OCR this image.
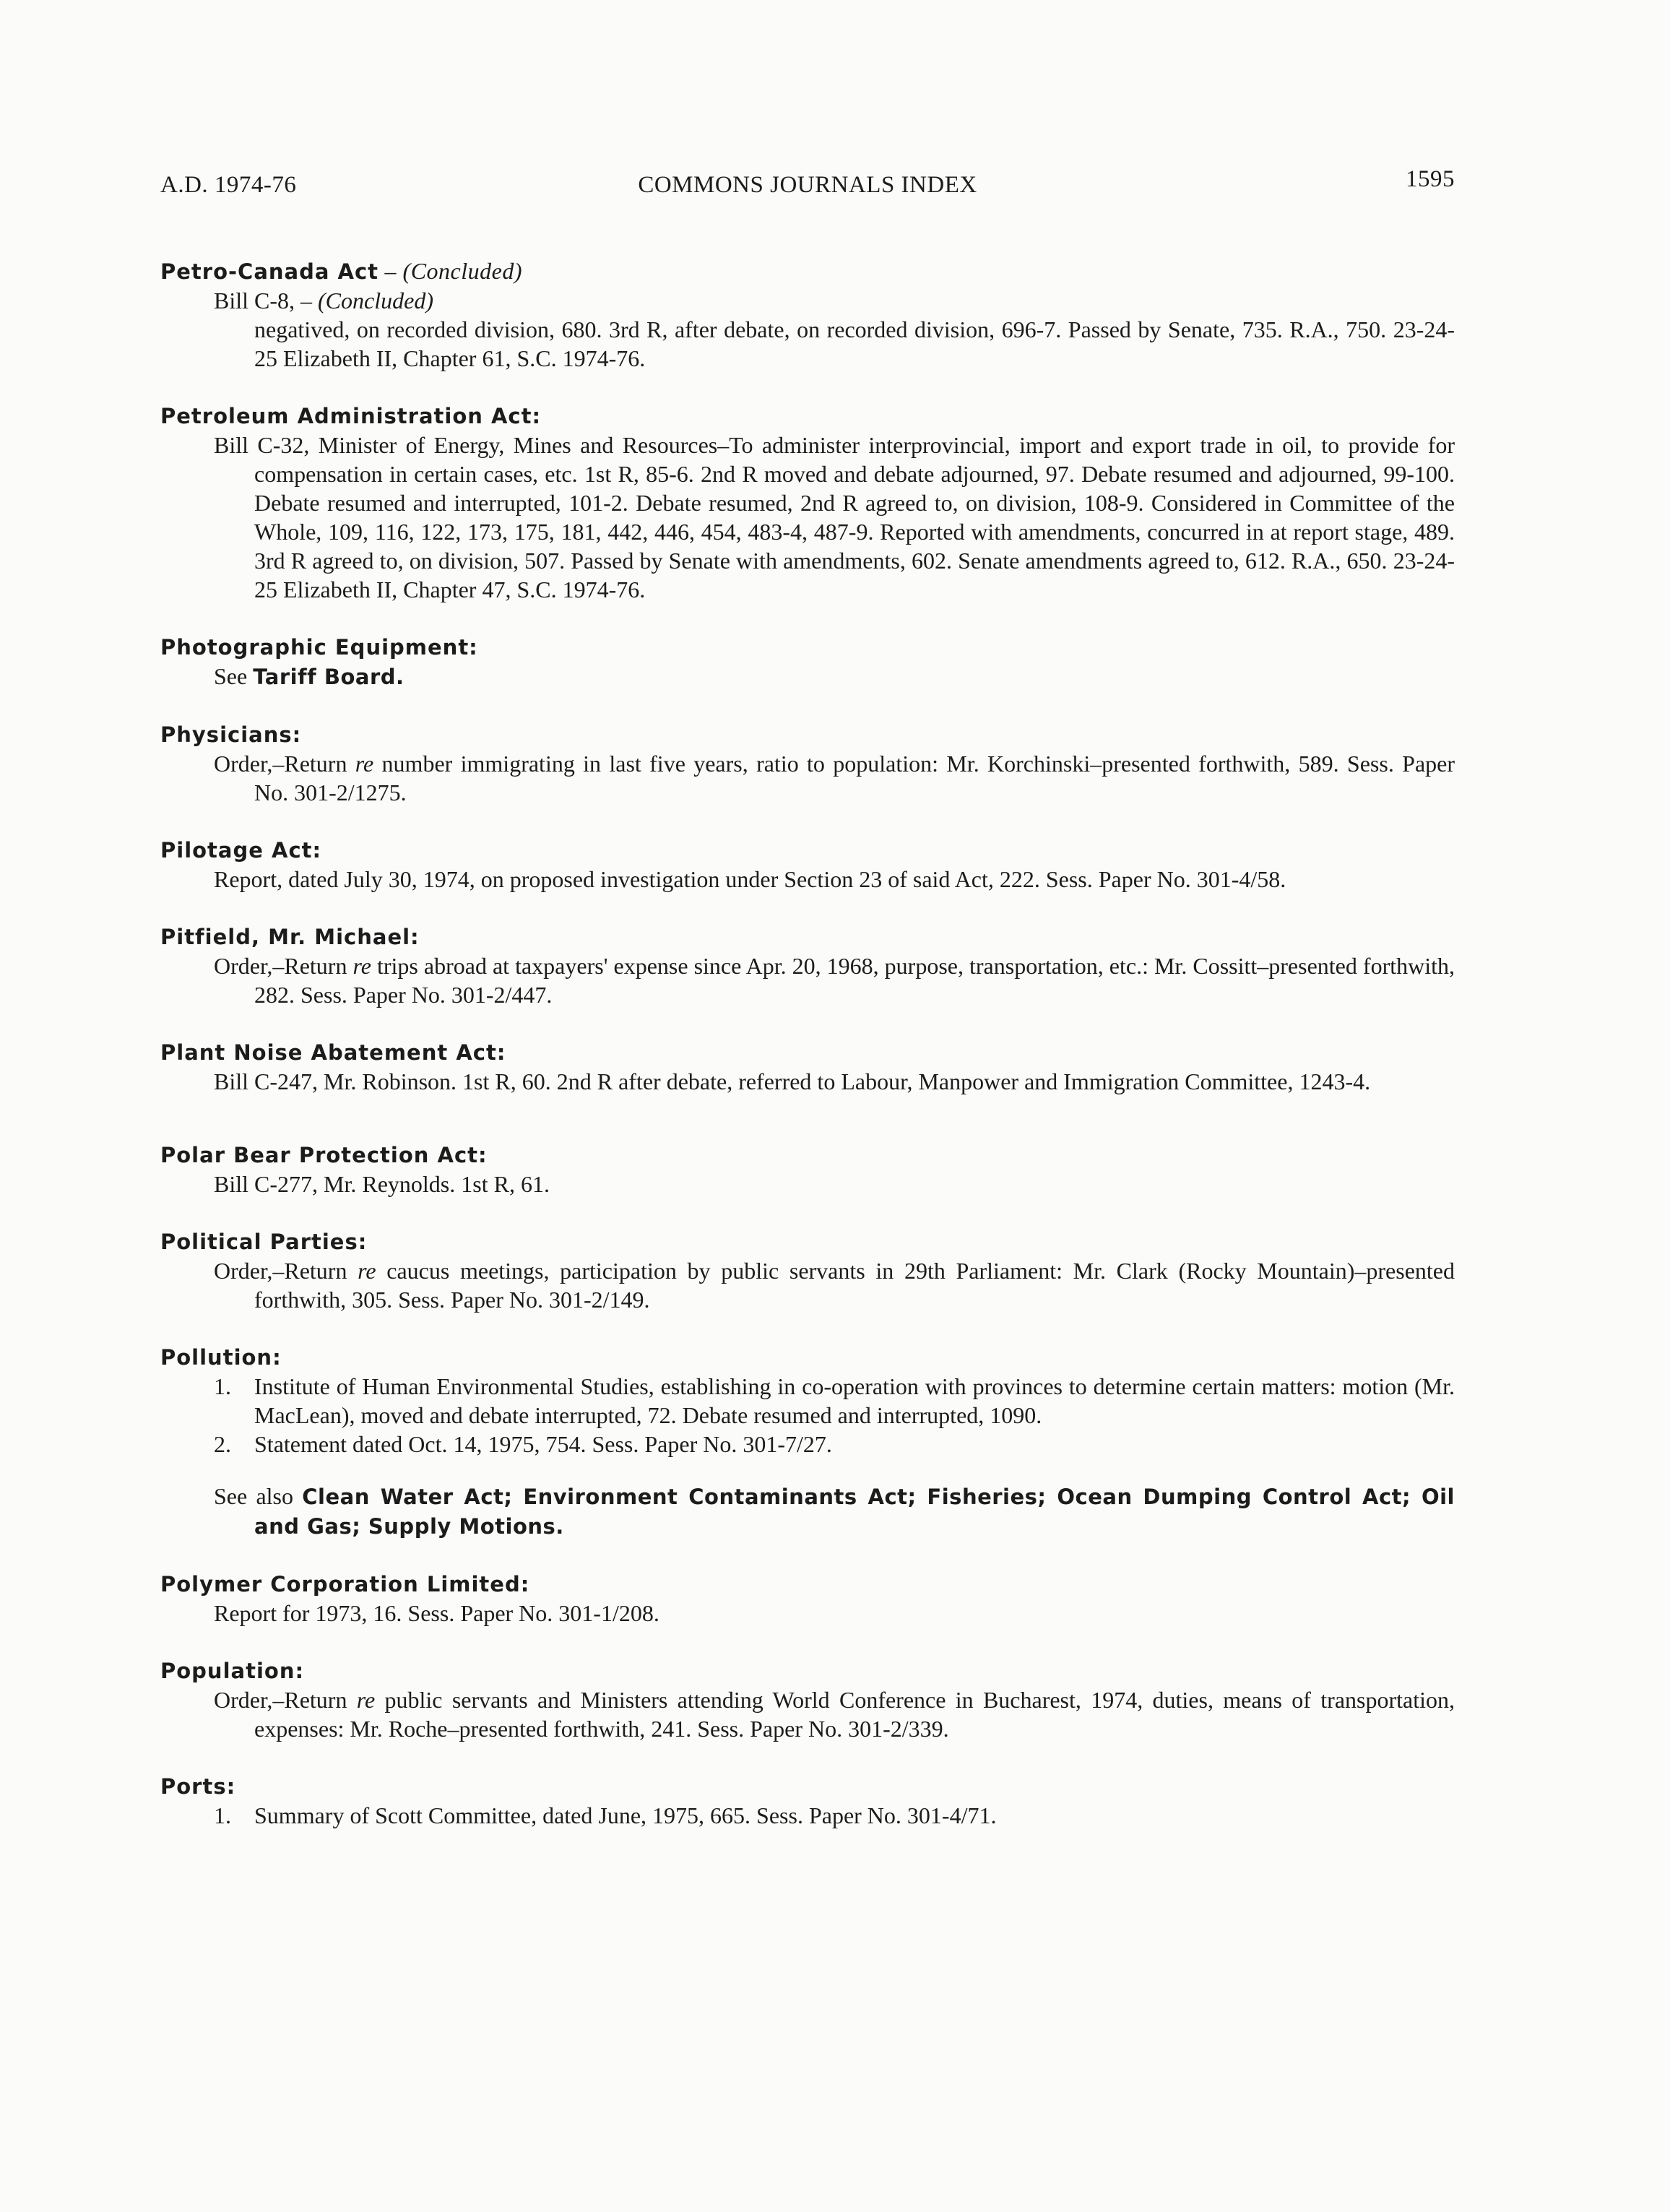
A.D. 1974-76	COMMONS JOURNALS INDEX	1595

Petro-Canada Act – (Concluded)

Bill C-8, – (Concluded)

negatived, on recorded division, 680. 3rd R, after debate, on recorded division, 696-7. Passed by Senate, 735. R.A., 750. 23-24-25 Elizabeth II, Chapter 61, S.C. 1974-76.

Petroleum Administration Act:

Bill C-32, Minister of Energy, Mines and Resources–To administer interprovincial, import and export trade in oil, to provide for compensation in certain cases, etc. 1st R, 85-6. 2nd R moved and debate adjourned, 97. Debate resumed and adjourned, 99-100. Debate resumed and interrupted, 101-2. Debate resumed, 2nd R agreed to, on division, 108-9. Considered in Committee of the Whole, 109, 116, 122, 173, 175, 181, 442, 446, 454, 483-4, 487-9. Reported with amendments, concurred in at report stage, 489. 3rd R agreed to, on division, 507. Passed by Senate with amendments, 602. Senate amendments agreed to, 612. R.A., 650. 23-24-25 Elizabeth II, Chapter 47, S.C. 1974-76.

Photographic Equipment:

See Tariff Board.

Physicians:

Order,–Return re number immigrating in last five years, ratio to population: Mr. Korchinski–presented forthwith, 589. Sess. Paper No. 301-2/1275.

Pilotage Act:

Report, dated July 30, 1974, on proposed investigation under Section 23 of said Act, 222. Sess. Paper No. 301-4/58.

Pitfield, Mr. Michael:

Order,–Return re trips abroad at taxpayers' expense since Apr. 20, 1968, purpose, transportation, etc.: Mr. Cossitt–presented forthwith, 282. Sess. Paper No. 301-2/447.

Plant Noise Abatement Act:

Bill C-247, Mr. Robinson. 1st R, 60. 2nd R after debate, referred to Labour, Manpower and Immigration Committee, 1243-4.

Polar Bear Protection Act:

Bill C-277, Mr. Reynolds. 1st R, 61.

Political Parties:

Order,–Return re caucus meetings, participation by public servants in 29th Parliament: Mr. Clark (Rocky Mountain)–presented forthwith, 305. Sess. Paper No. 301-2/149.

Pollution:

1. Institute of Human Environmental Studies, establishing in co-operation with provinces to determine certain matters: motion (Mr. MacLean), moved and debate interrupted, 72. Debate resumed and interrupted, 1090.

2. Statement dated Oct. 14, 1975, 754. Sess. Paper No. 301-7/27.

See also Clean Water Act; Environment Contaminants Act; Fisheries; Ocean Dumping Control Act; Oil and Gas; Supply Motions.

Polymer Corporation Limited:

Report for 1973, 16. Sess. Paper No. 301-1/208.

Population:

Order,–Return re public servants and Ministers attending World Conference in Bucharest, 1974, duties, means of transportation, expenses: Mr. Roche–presented forthwith, 241. Sess. Paper No. 301-2/339.

Ports:

1. Summary of Scott Committee, dated June, 1975, 665. Sess. Paper No. 301-4/71.
